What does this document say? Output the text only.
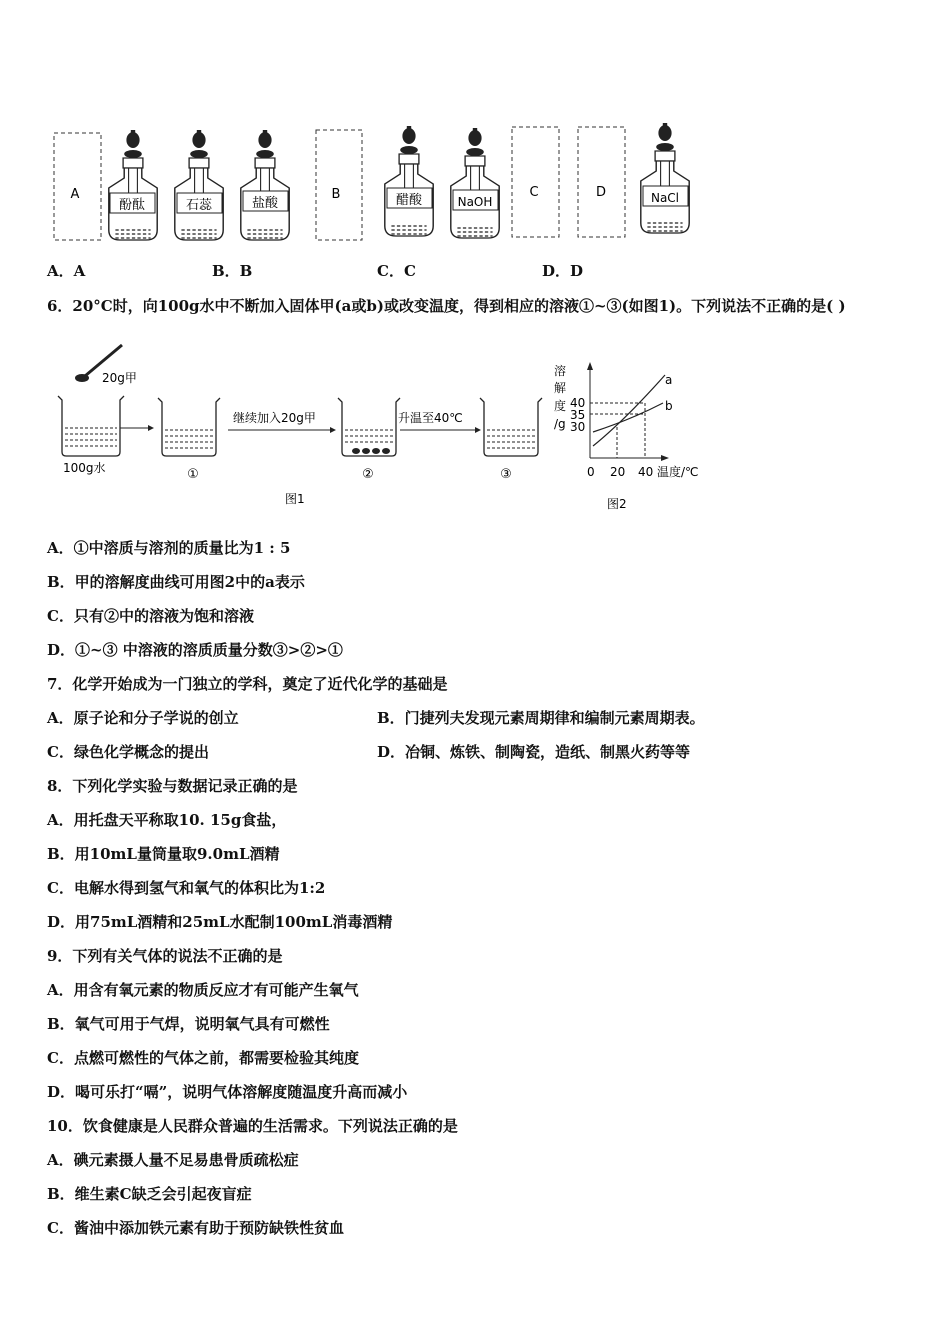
A
酚酞	石蕊	盐酸
B	醋酸	NaOH
C	D	NaCl
A．A	B．B	C．C	D．D
6．20°C时，向100g水中不断加入固体甲(a或b)或改变温度，得到相应的溶液①~③(如图1)。下列说法不正确的是( )
20g甲
100g水	①
继续加入20g甲
②
升温至40℃
③
图1
溶
解
度
/g
40
35
30
a
b
0 20 40 温度/℃
图2
A．①中溶质与溶剂的质量比为1 : 5
B．甲的溶解度曲线可用图2中的a表示
C．只有②中的溶液为饱和溶液
D．①~③ 中溶液的溶质质量分数③>②>①
7．化学开始成为一门独立的学科，奠定了近代化学的基础是
A．原子论和分子学说的创立	B．门捷列夫发现元素周期律和编制元素周期表。
C．绿色化学概念的提出	D．冶铜、炼铁、制陶瓷，造纸、制黑火药等等
8．下列化学实验与数据记录正确的是
A．用托盘天平称取10. 15g食盐，
B．用10mL量筒量取9.0mL酒精
C．电解水得到氢气和氧气的体积比为1:2
D．用75mL酒精和25mL水配制100mL消毒酒精
9．下列有关气体的说法不正确的是
A．用含有氧元素的物质反应才有可能产生氧气
B．氧气可用于气焊，说明氧气具有可燃性
C．点燃可燃性的气体之前，都需要检验其纯度
D．喝可乐打“嗝”，说明气体溶解度随温度升高而减小
10．饮食健康是人民群众普遍的生活需求。下列说法正确的是
A．碘元素摄人量不足易患骨质疏松症
B．维生素C缺乏会引起夜盲症
C．酱油中添加铁元素有助于预防缺铁性贫血
